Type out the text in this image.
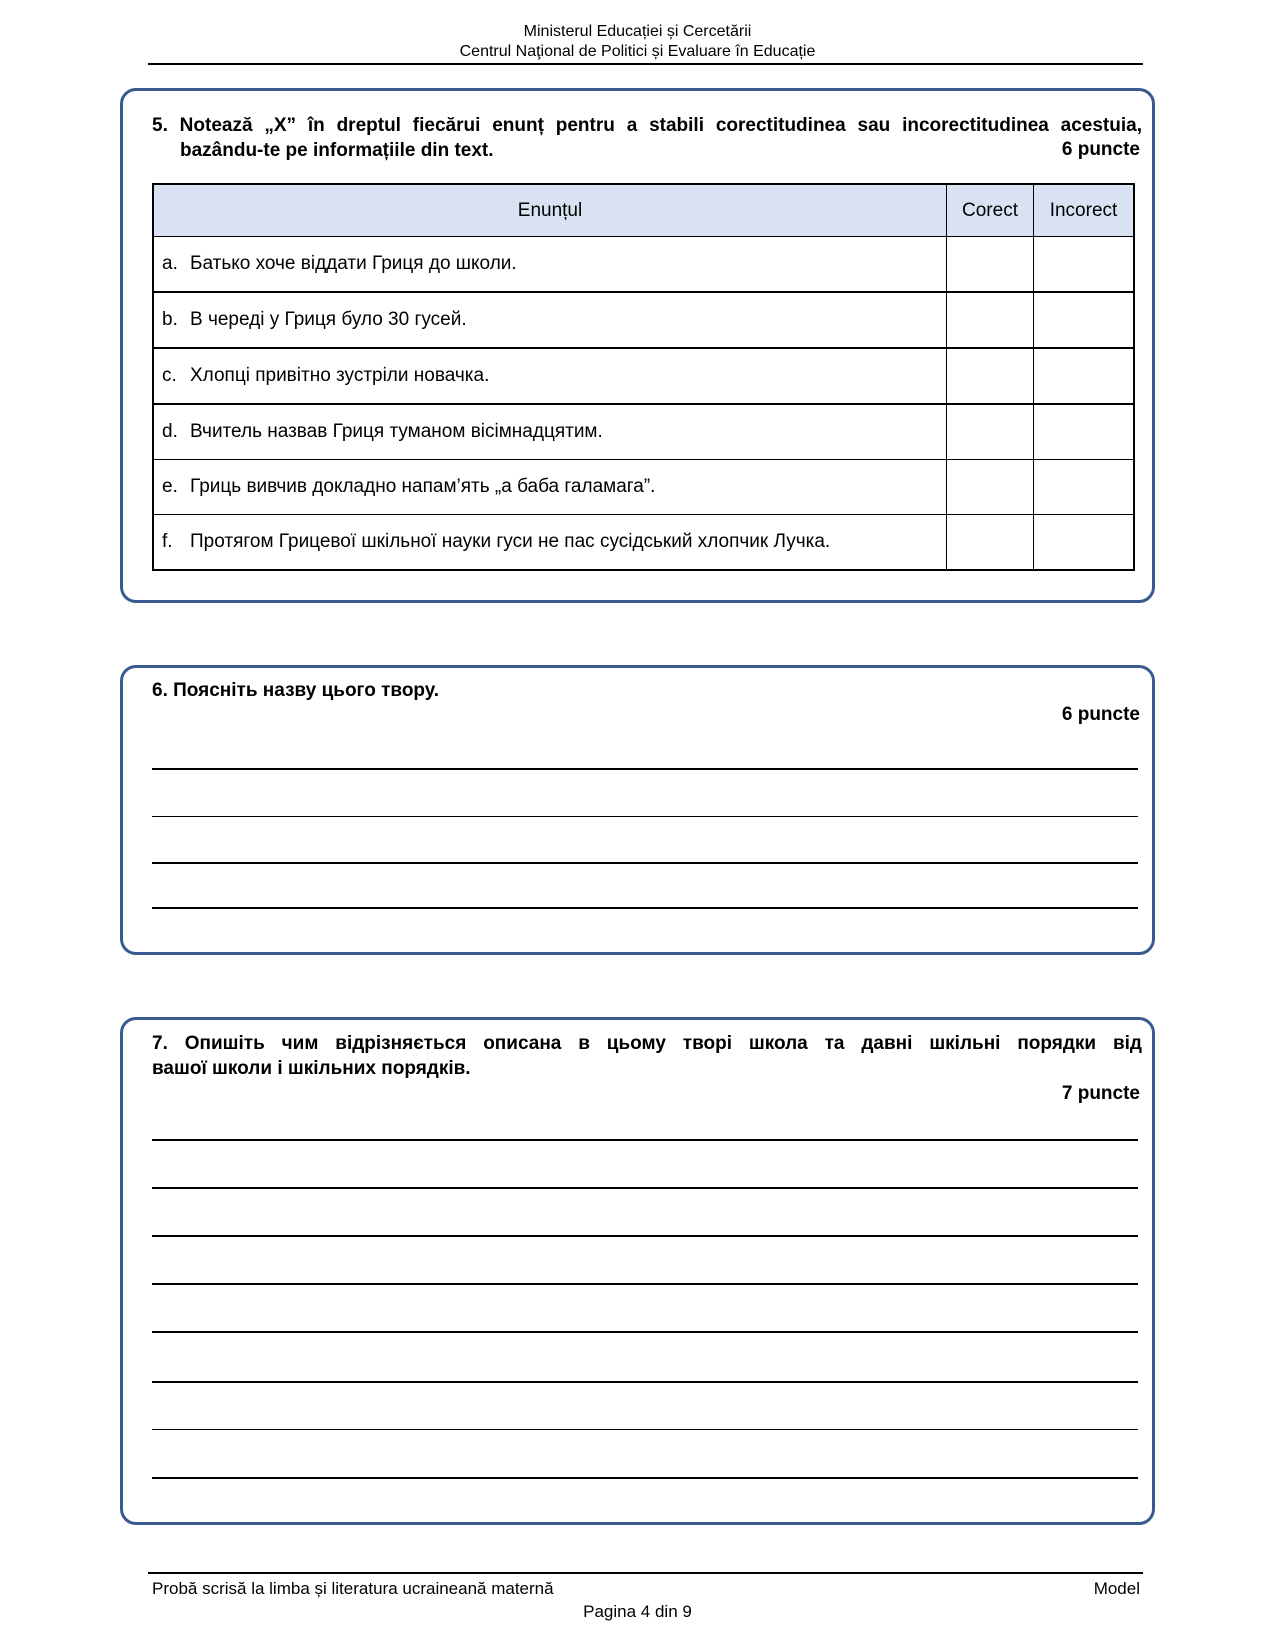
Ministerul Educației și Cercetării
Centrul Naţional de Politici și Evaluare în Educație
5. Notează „X” în dreptul fiecărui enunț pentru a stabili corectitudinea sau incorectitudinea acestuia,
bazându-te pe informațiile din text.	6 puncte
Enunțul	Corect	Incorect
a. Батько хоче віддати Гриця до школи.		
b. В череді у Гриця було 30 гусей.		
c. Хлопці привітно зустріли новачка.		
d. Вчитель назвав Гриця туманом вісімнадцятим.		
e. Гриць вивчив докладно напам’ять „а баба галамага”.		
f. Протягом Грицевої шкільної науки гуси не пас сусідський хлопчик Лучка.		
6. Поясніть назву цього твору.
6 puncte
7. Опишіть чим відрізняється описана в цьому творі школа та давні шкільні порядки від
вашої школи і шкільних порядків.
7 puncte
Probă scrisă la limba și literatura ucraineană maternă	Model
Pagina 4 din 9
